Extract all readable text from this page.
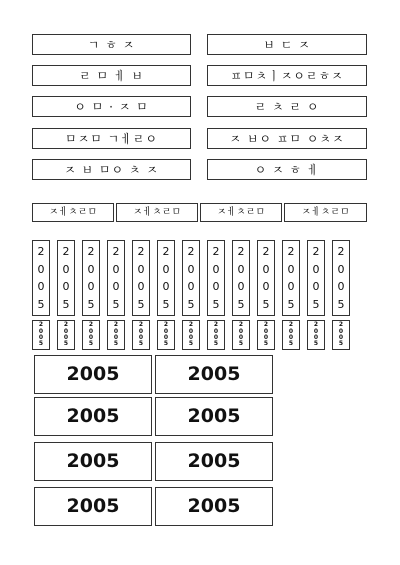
ㄱ ㅎ ㅈ	ㅂ ㄷ ㅈ
ㄹ ㅁ ㅔ ㅂ	ㅍㅁㅊㅣㅈㅇㄹㅎㅈ
ㅇ ㅁ · ㅈ ㅁ	ㄹ ㅊ ㄹ ㅇ
ㅁㅈㅁ ㄱㅔㄹㅇ	ㅈ ㅂㅇ ㅍㅁ ㅇㅊㅈ
ㅈ ㅂ ㅁㅇ ㅊ ㅈ	ㅇ ㅈ ㅎ ㅔ
ㅈㅔㅊㄹㅁ	ㅈㅔㅊㄹㅁ	ㅈㅔㅊㄹㅁ	ㅈㅔㅊㄹㅁ
2
0
0
5
2
0
0
5
2
0
0
5
2
0
0
5
2
0
0
5
2
0
0
5
2
0
0
5
2
0
0
5
2
0
0
5
2
0
0
5
2
0
0
5
2
0
0
5
2
0
0
5
2
0
0
5
2
0
0
5
2
0
0
5
2
0
0
5
2
0
0
5
2
0
0
5
2
0
0
5
2
0
0
5
2
0
0
5
2
0
0
5
2
0
0
5
2
0
0
5
2
0
0
5
2005	2005
2005	2005
2005	2005
2005	2005
